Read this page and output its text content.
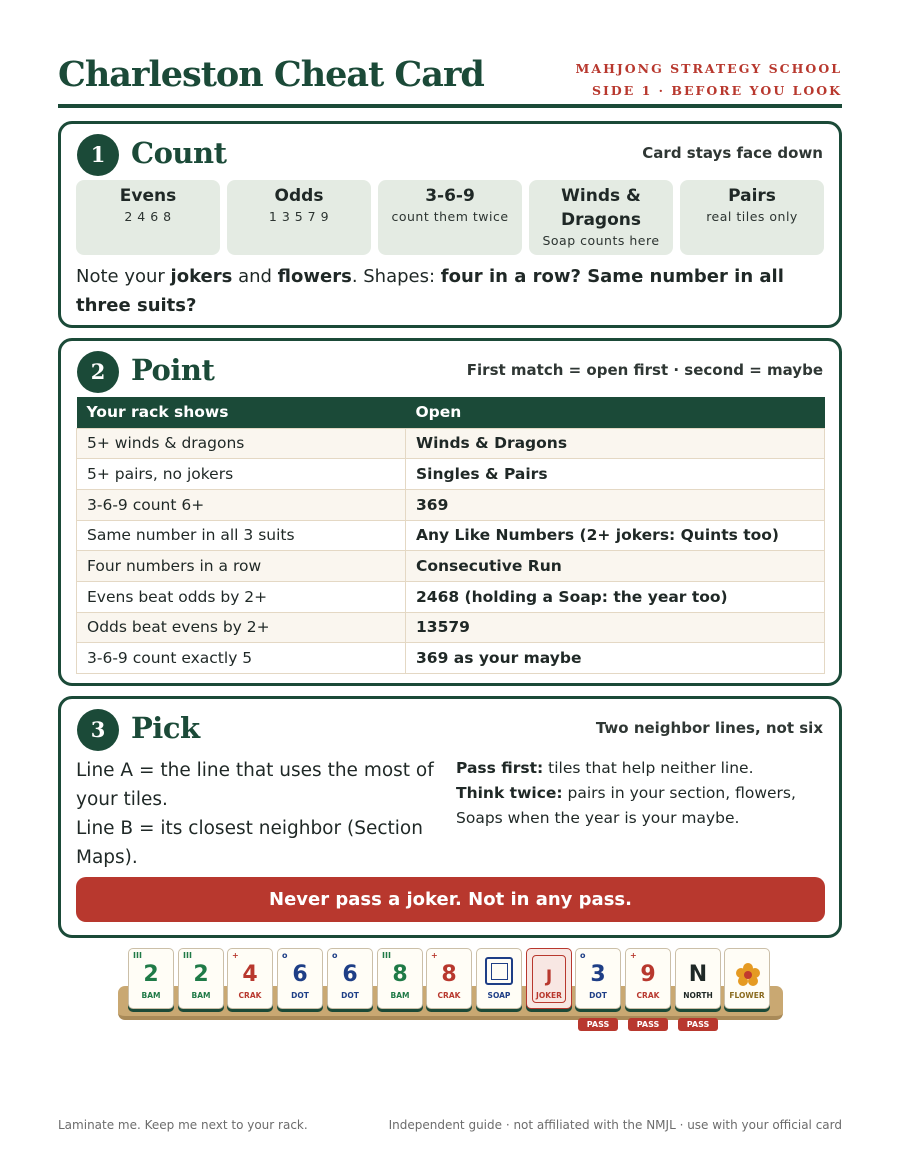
Charleston Cheat Card	MAHJONG STRATEGY SCHOOL
SIDE 1 · BEFORE YOU LOOK
1 Count	Card stays face down
Evens
2 4 6 8
Odds
1 3 5 7 9
3-6-9
count them twice
Winds &
Dragons
Soap counts here
Pairs
real tiles only
Note your jokers and flowers. Shapes: four in a row? Same number in all three suits?
2 Point	First match = open first · second = maybe
Your rack shows	Open
5+ winds & dragons	Winds & Dragons
5+ pairs, no jokers	Singles & Pairs
3-6-9 count 6+	369
Same number in all 3 suits	Any Like Numbers (2+ jokers: Quints too)
Four numbers in a row	Consecutive Run
Evens beat odds by 2+	2468 (holding a Soap: the year too)
Odds beat evens by 2+	13579
3-6-9 count exactly 5	369 as your maybe
3 Pick	Two neighbor lines, not six
Line A = the line that uses the most of your tiles.
Line B = its closest neighbor (Section Maps).
Pass first: tiles that help neither line.
Think twice: pairs in your section, flowers, Soaps when the year is your maybe.
Never pass a joker. Not in any pass.
III
2
BAM
III
2
BAM
+
4
CRAK
o
6
DOT
o
6
DOT
III
8
BAM
+
8
CRAK	SOAP
J
JOKER
o
3
DOT
+
9
CRAK
N
NORTH	FLOWER
PASS	PASS	PASS
Laminate me. Keep me next to your rack.	Independent guide · not affiliated with the NMJL · use with your official card
